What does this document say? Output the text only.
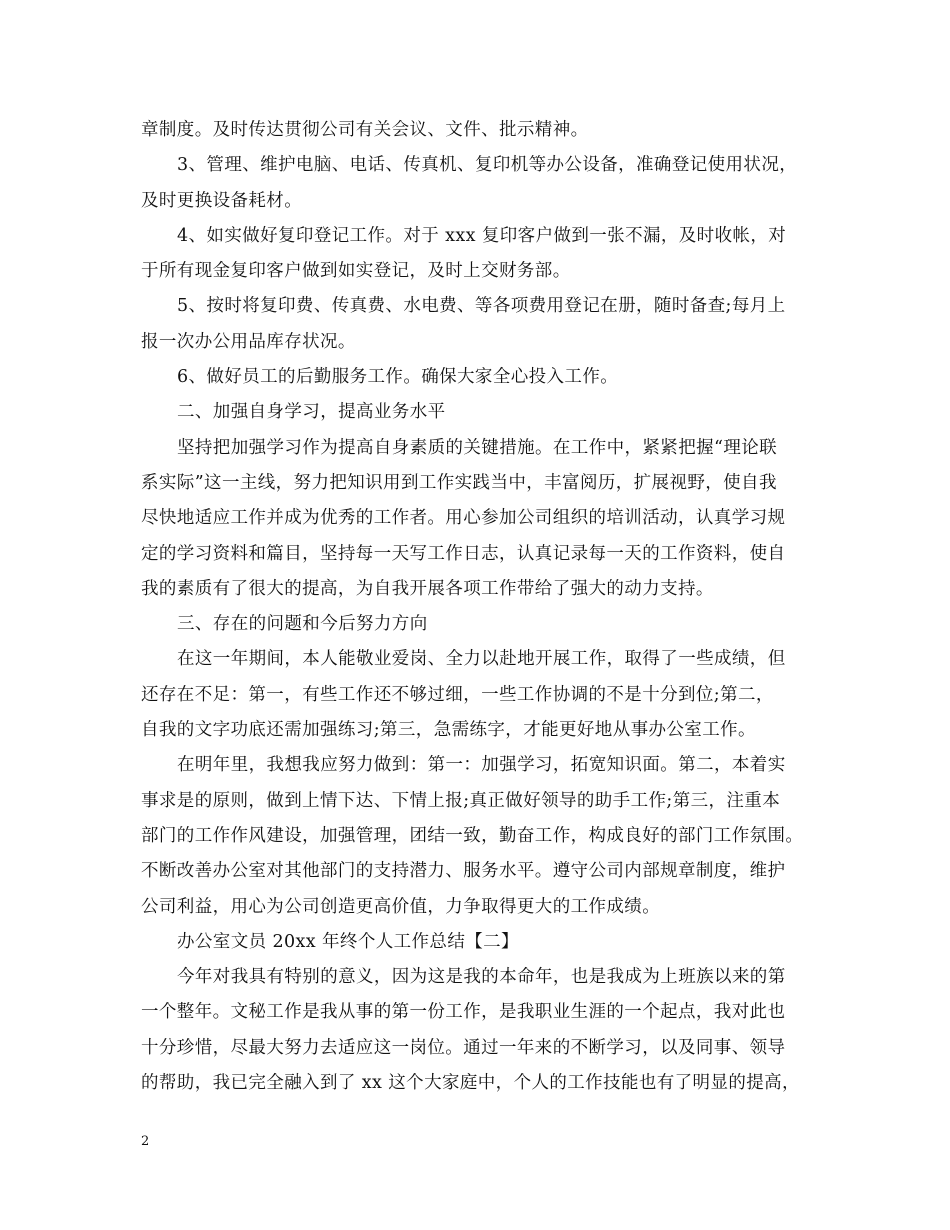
章制度。及时传达贯彻公司有关会议、文件、批示精神。
3、管理、维护电脑、电话、传真机、复印机等办公设备，准确登记使用状况，
及时更换设备耗材。
4、如实做好复印登记工作。对于 xxx 复印客户做到一张不漏，及时收帐，对
于所有现金复印客户做到如实登记，及时上交财务部。
5、按时将复印费、传真费、水电费、等各项费用登记在册，随时备查;每月上
报一次办公用品库存状况。
6、做好员工的后勤服务工作。确保大家全心投入工作。
二、加强自身学习，提高业务水平
坚持把加强学习作为提高自身素质的关键措施。在工作中，紧紧把握“理论联
系实际”这一主线，努力把知识用到工作实践当中，丰富阅历，扩展视野，使自我
尽快地适应工作并成为优秀的工作者。用心参加公司组织的培训活动，认真学习规
定的学习资料和篇目，坚持每一天写工作日志，认真记录每一天的工作资料，使自
我的素质有了很大的提高，为自我开展各项工作带给了强大的动力支持。
三、存在的问题和今后努力方向
在这一年期间，本人能敬业爱岗、全力以赴地开展工作，取得了一些成绩，但
还存在不足：第一，有些工作还不够过细，一些工作协调的不是十分到位;第二，
自我的文字功底还需加强练习;第三，急需练字，才能更好地从事办公室工作。
在明年里，我想我应努力做到：第一：加强学习，拓宽知识面。第二，本着实
事求是的原则，做到上情下达、下情上报;真正做好领导的助手工作;第三，注重本
部门的工作作风建设，加强管理，团结一致，勤奋工作，构成良好的部门工作氛围。
不断改善办公室对其他部门的支持潜力、服务水平。遵守公司内部规章制度，维护
公司利益，用心为公司创造更高价值，力争取得更大的工作成绩。
办公室文员 20xx 年终个人工作总结【二】
今年对我具有特别的意义，因为这是我的本命年，也是我成为上班族以来的第
一个整年。文秘工作是我从事的第一份工作，是我职业生涯的一个起点，我对此也
十分珍惜，尽最大努力去适应这一岗位。通过一年来的不断学习，以及同事、领导
的帮助，我已完全融入到了 xx 这个大家庭中，个人的工作技能也有了明显的提高，
2
